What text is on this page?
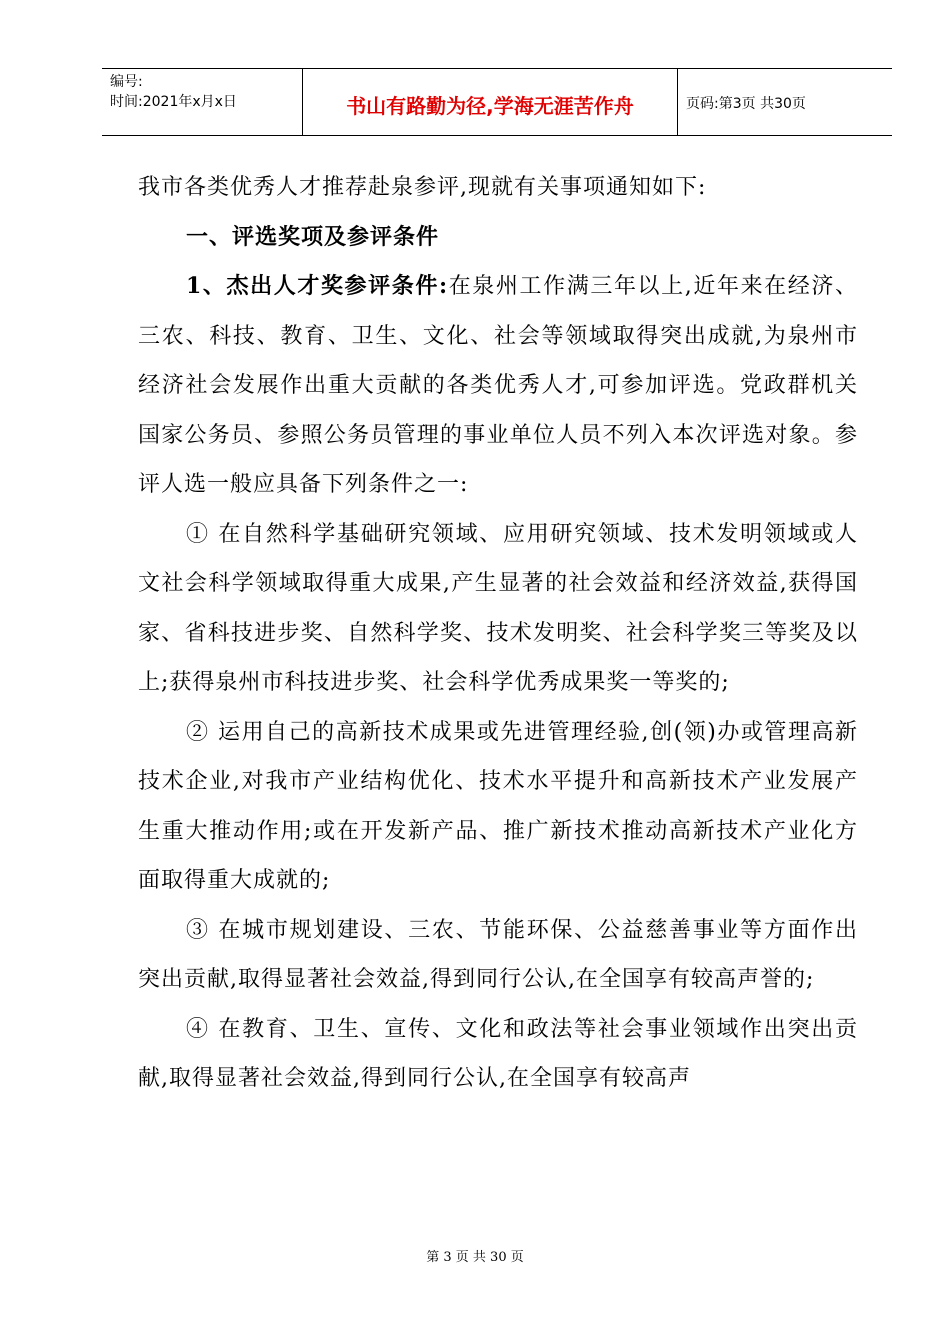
编号:
时间:2021年x月x日	书山有路勤为径,学海无涯苦作舟	页码:第3页 共30页

我市各类优秀人才推荐赴泉参评,现就有关事项通知如下:

一、评选奖项及参评条件

1、杰出人才奖参评条件:在泉州工作满三年以上,近年来在经济、三农、科技、教育、卫生、文化、社会等领域取得突出成就,为泉州市经济社会发展作出重大贡献的各类优秀人才,可参加评选。党政群机关国家公务员、参照公务员管理的事业单位人员不列入本次评选对象。参评人选一般应具备下列条件之一:

① 在自然科学基础研究领域、应用研究领域、技术发明领域或人文社会科学领域取得重大成果,产生显著的社会效益和经济效益,获得国家、省科技进步奖、自然科学奖、技术发明奖、社会科学奖三等奖及以上;获得泉州市科技进步奖、社会科学优秀成果奖一等奖的;

② 运用自己的高新技术成果或先进管理经验,创(领)办或管理高新技术企业,对我市产业结构优化、技术水平提升和高新技术产业发展产生重大推动作用;或在开发新产品、推广新技术推动高新技术产业化方面取得重大成就的;

③ 在城市规划建设、三农、节能环保、公益慈善事业等方面作出突出贡献,取得显著社会效益,得到同行公认,在全国享有较高声誉的;

④ 在教育、卫生、宣传、文化和政法等社会事业领域作出突出贡献,取得显著社会效益,得到同行公认,在全国享有较高声

第 3 页 共 30 页
